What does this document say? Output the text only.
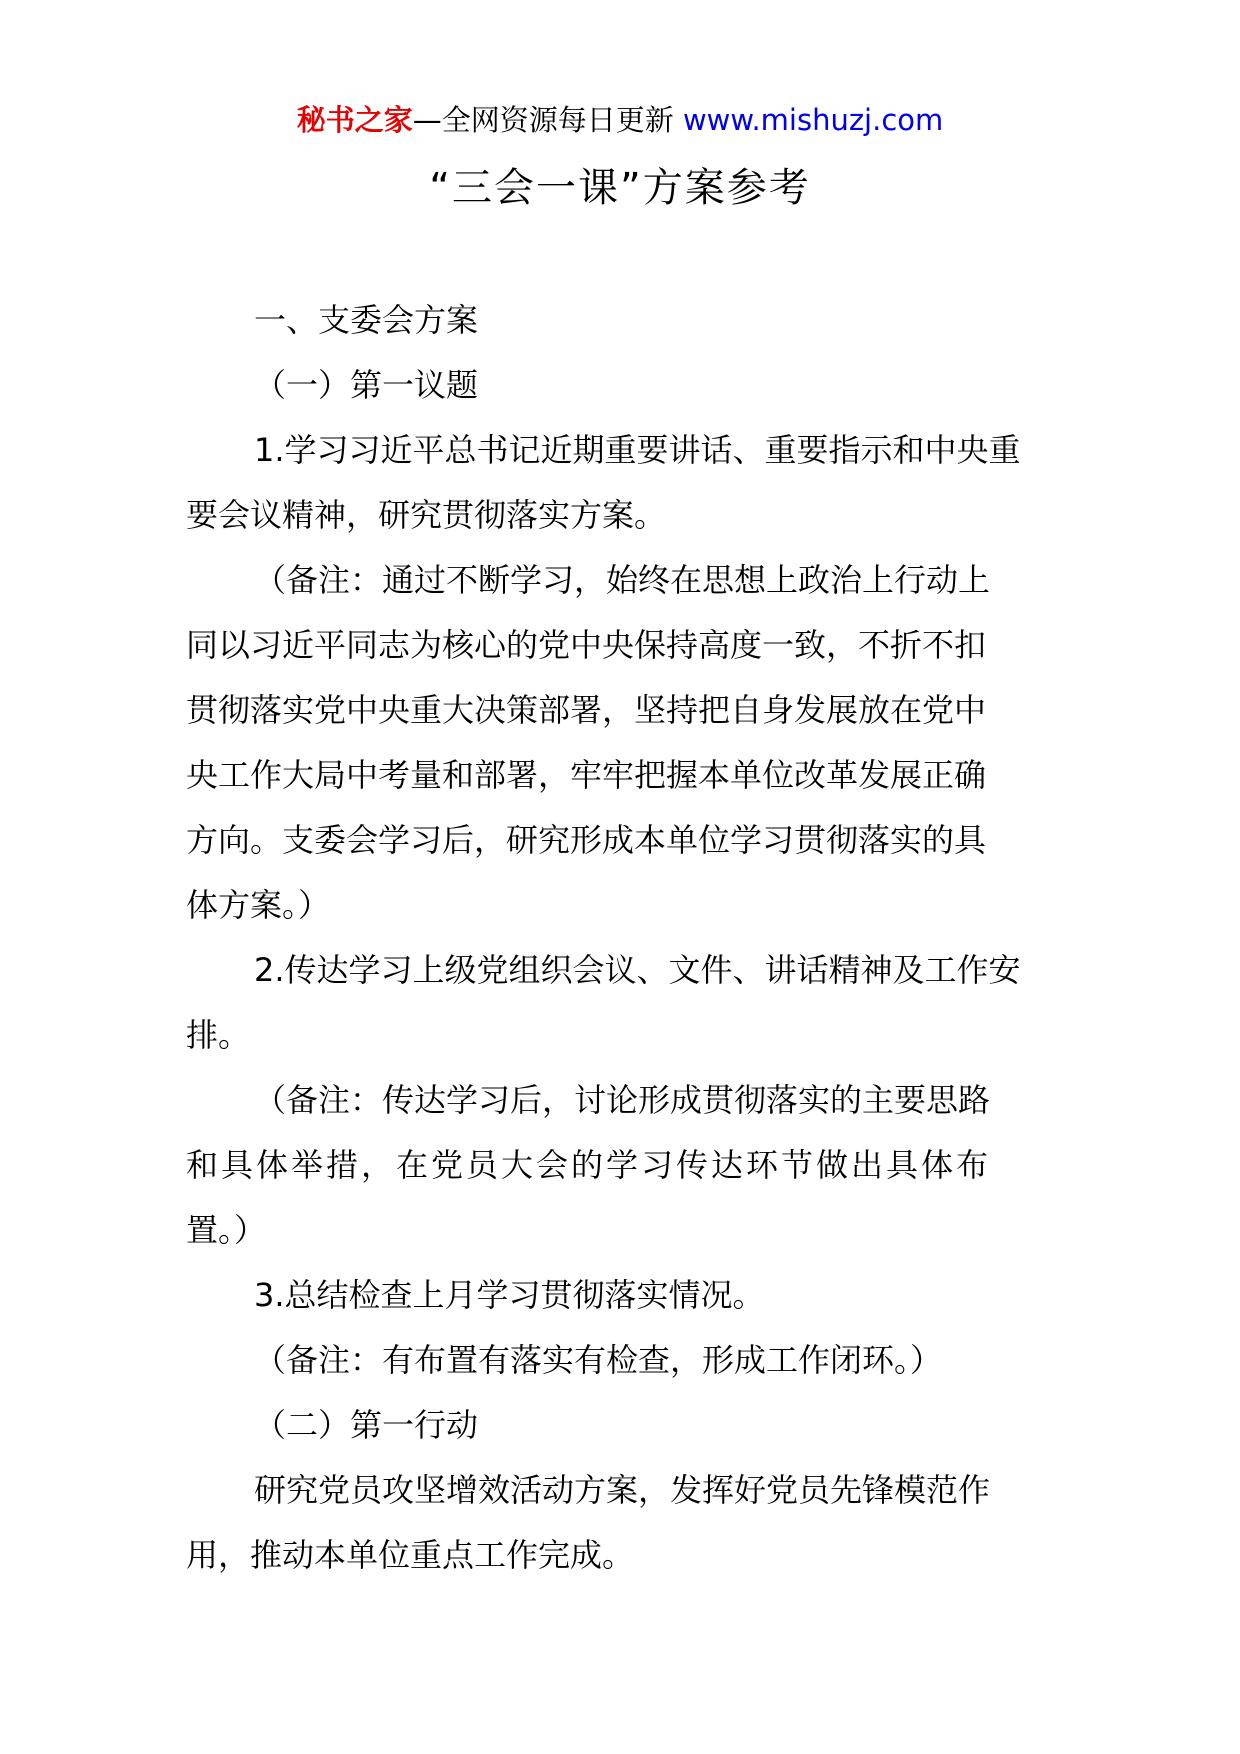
秘书之家—全网资源每日更新 www.mishuzj.com
“三会一课”方案参考

一、支委会方案

（一）第一议题

1.学习习近平总书记近期重要讲话、重要指示和中央重
要会议精神，研究贯彻落实方案。

（备注：通过不断学习，始终在思想上政治上行动上
同以习近平同志为核心的党中央保持高度一致，不折不扣
贯彻落实党中央重大决策部署，坚持把自身发展放在党中
央工作大局中考量和部署，牢牢把握本单位改革发展正确
方向。支委会学习后，研究形成本单位学习贯彻落实的具
体方案。）

2.传达学习上级党组织会议、文件、讲话精神及工作安
排。

（备注：传达学习后，讨论形成贯彻落实的主要思路
和具体举措，在党员大会的学习传达环节做出具体布
置。）

3.总结检查上月学习贯彻落实情况。

（备注：有布置有落实有检查，形成工作闭环。）

（二）第一行动

研究党员攻坚增效活动方案，发挥好党员先锋模范作
用，推动本单位重点工作完成。
